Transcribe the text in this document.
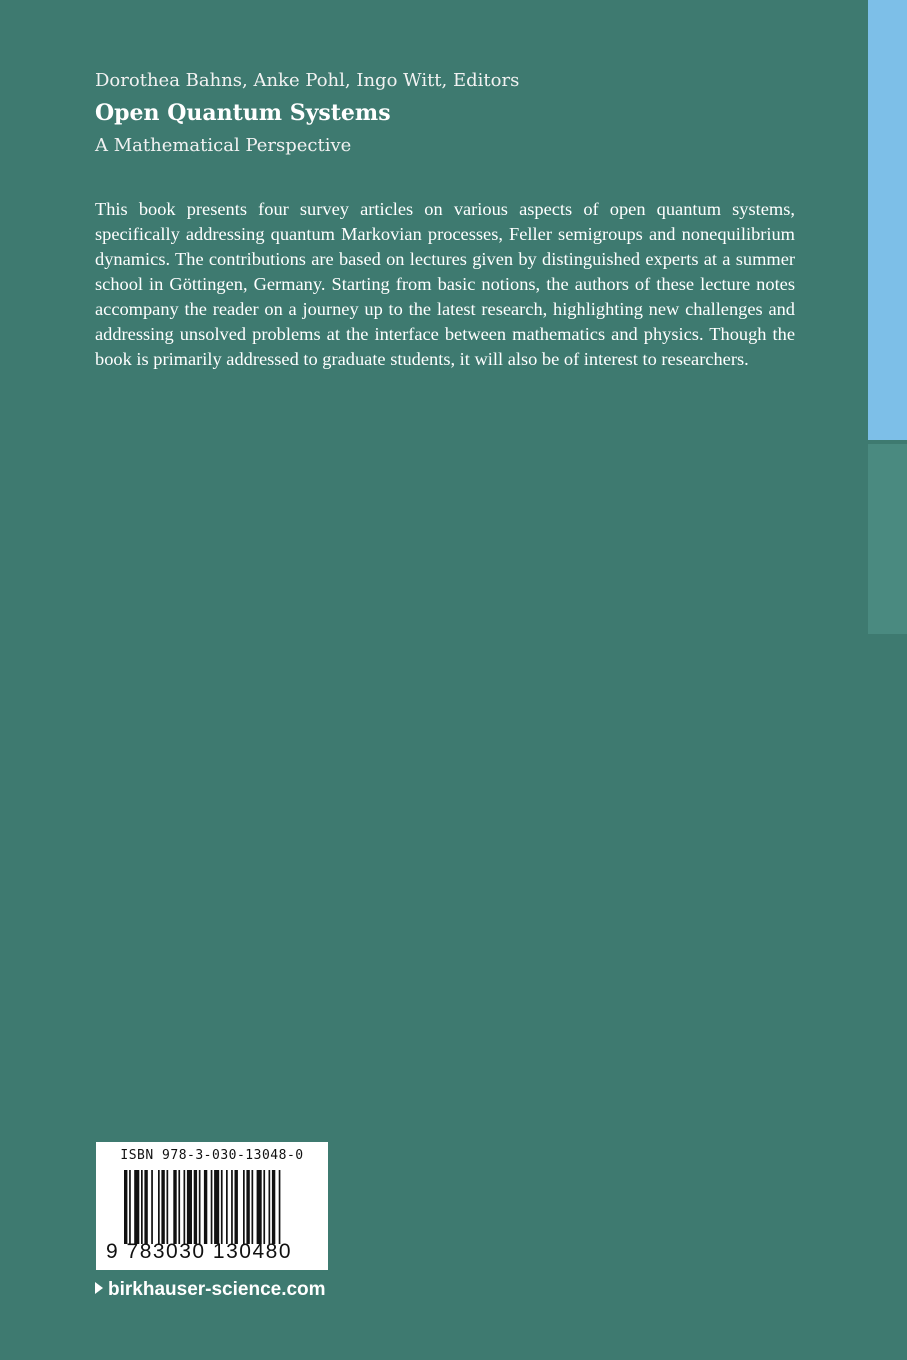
Dorothea Bahns, Anke Pohl, Ingo Witt, Editors
Open Quantum Systems
A Mathematical Perspective
This book presents four survey articles on various aspects of open quantum systems, specifically addressing quantum Markovian processes, Feller semigroups and nonequilibrium dynamics. The contributions are based on lectures given by distinguished experts at a summer school in Göttingen, Germany. Starting from basic notions, the authors of these lecture notes accompany the reader on a journey up to the latest research, highlighting new challenges and addressing unsolved problems at the interface between mathematics and physics. Though the book is primarily addressed to graduate students, it will also be of interest to researchers.
ISBN 978-3-030-13048-0
9 783030 130480
birkhauser-science.com
